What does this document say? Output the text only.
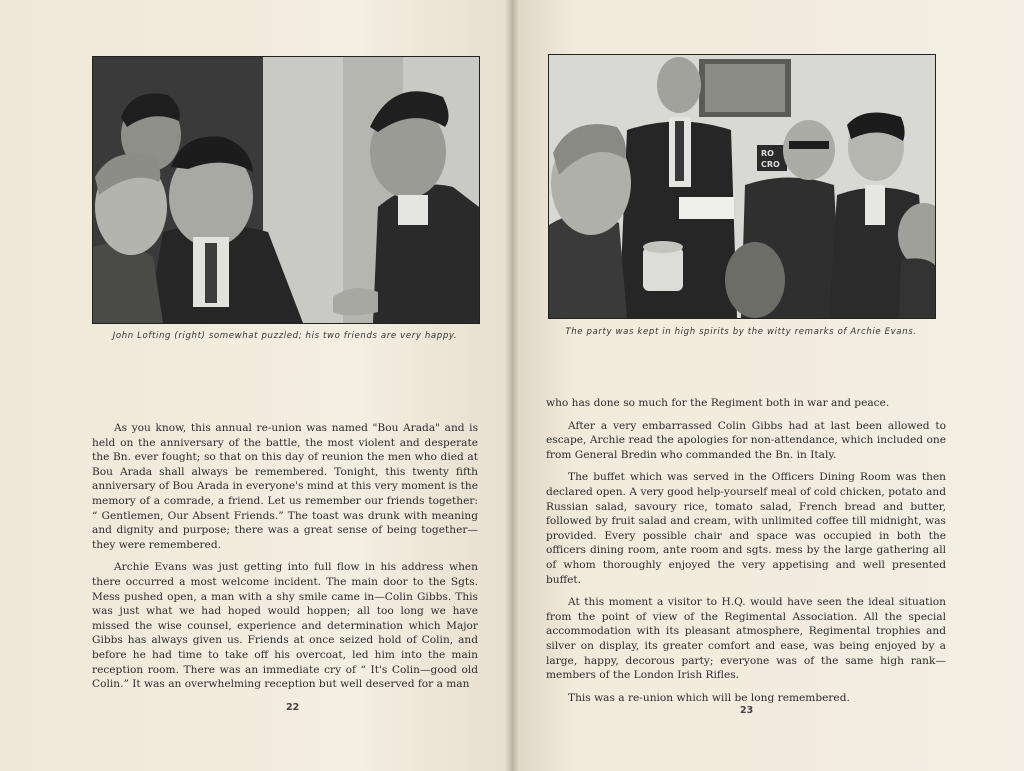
John Lofting (right) somewhat puzzled; his two friends are very happy.

As you know, this annual re-union was named "Bou Arada" and is held on the anniversary of the battle, the most violent and desperate the Bn. ever fought; so that on this day of reunion the men who died at Bou Arada shall always be remembered. Tonight, this twenty fifth anniversary of Bou Arada in everyone's mind at this very moment is the memory of a comrade, a friend. Let us remember our friends together: “ Gentlemen, Our Absent Friends.” The toast was drunk with meaning and dignity and purpose; there was a great sense of being together—they were remembered.

Archie Evans was just getting into full flow in his address when there occurred a most welcome incident. The main door to the Sgts. Mess pushed open, a man with a shy smile came in—Colin Gibbs. This was just what we had hoped would hoppen; all too long we have missed the wise counsel, experience and determination which Major Gibbs has always given us. Friends at once seized hold of Colin, and before he had time to take off his overcoat, led him into the main reception room. There was an immediate cry of “ It's Colin—good old Colin.” It was an overwhelming reception but well deserved for a man

22
RO
CRO
The party was kept in high spirits by the witty remarks of Archie Evans.

who has done so much for the Regiment both in war and peace.

After a very embarrassed Colin Gibbs had at last been allowed to escape, Archie read the apologies for non-attendance, which included one from General Bredin who commanded the Bn. in Italy.

The buffet which was served in the Officers Dining Room was then declared open. A very good help-yourself meal of cold chicken, potato and Russian salad, savoury rice, tomato salad, French bread and butter, followed by fruit salad and cream, with unlimited coffee till midnight, was provided. Every possible chair and space was occupied in both the officers dining room, ante room and sgts. mess by the large gathering all of whom thoroughly enjoyed the very appetising and well presented buffet.

At this moment a visitor to H.Q. would have seen the ideal situation from the point of view of the Regimental Association. All the special accommodation with its pleasant atmosphere, Regimental trophies and silver on display, its greater comfort and ease, was being enjoyed by a large, happy, decorous party; everyone was of the same high rank—members of the London Irish Rifles.

This was a re-union which will be long remembered.

23
